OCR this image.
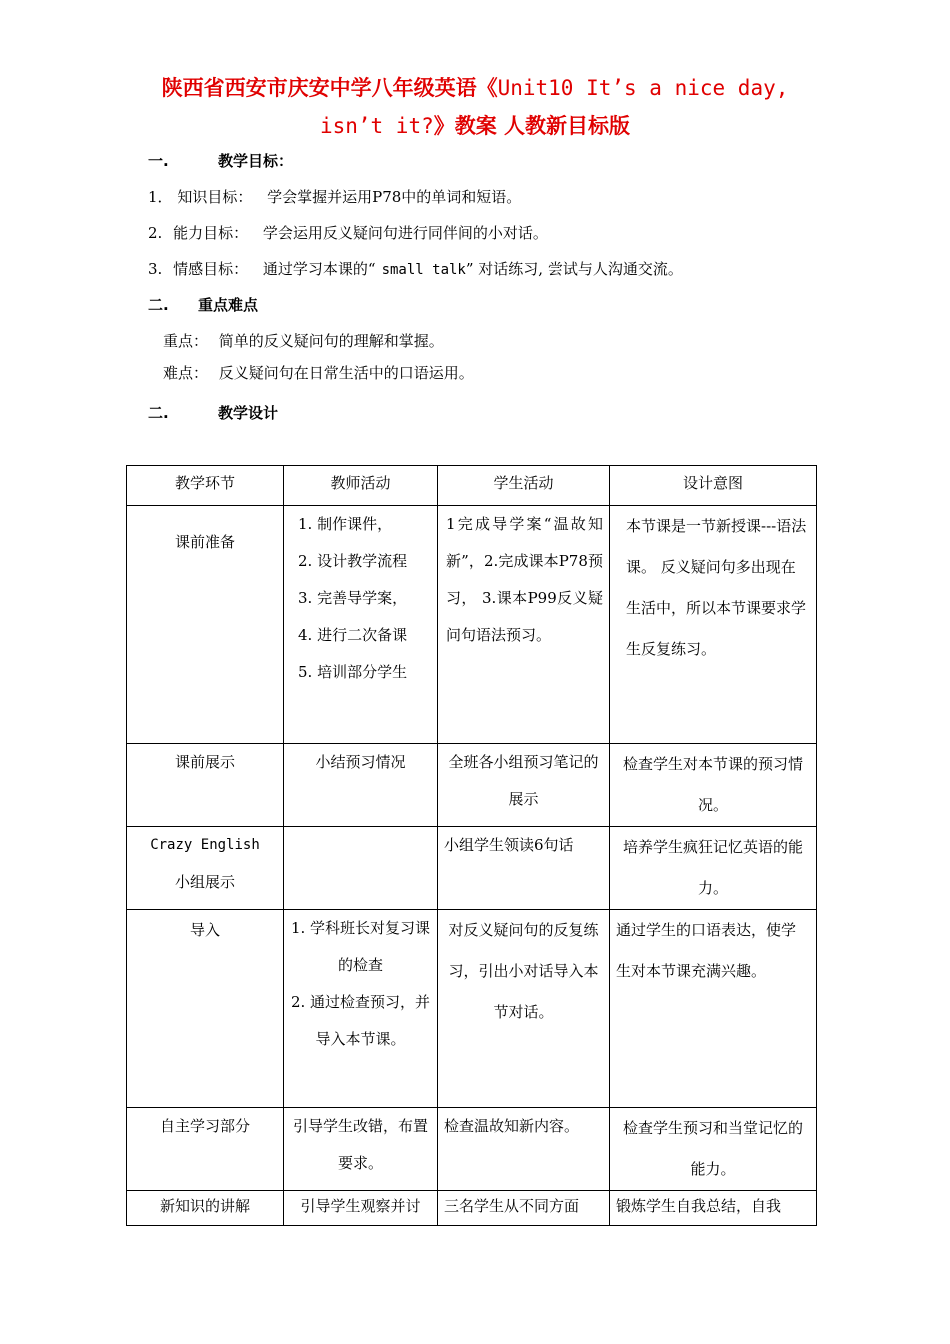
陕西省西安市庆安中学八年级英语《Unit10 It’s a nice day,
isn’t it?》教案 人教新目标版
一.	教学目标：
1． 知识目标： 学会掌握并运用P78中的单词和短语。
2. 能力目标： 学会运用反义疑问句进行同伴间的小对话。
3. 情感目标： 通过学习本课的“ small talk” 对话练习, 尝试与人沟通交流。
二. 重点难点
重点： 简单的反义疑问句的理解和掌握。
难点： 反义疑问句在日常生活中的口语运用。
二.	教学设计
教学环节	教师活动	学生活动	设计意图
课前准备	1. 制作课件，
2. 设计教学流程
3. 完善导学案，
4. 进行二次备课
5. 培训部分学生	1完成导学案“温故知新”，2.完成课本P78预习， 3.课本P99反义疑问句语法预习。	本节课是一节新授课---语法课。 反义疑问句多出现在生活中，所以本节课要求学生反复练习。
课前展示	小结预习情况	全班各小组预习笔记的展示	检查学生对本节课的预习情况。

Crazy English
小组展示		小组学生领读6句话	培养学生疯狂记忆英语的能力。
导入	1. 学科班长对复习课的检查
2. 通过检查预习，并导入本节课。	对反义疑问句的反复练习，引出小对话导入本节对话。	通过学生的口语表达，使学生对本节课充满兴趣。
自主学习部分	引导学生改错，布置要求。	检查温故知新内容。	检查学生预习和当堂记忆的能力。
新知识的讲解	引导学生观察并讨	三名学生从不同方面	锻炼学生自我总结，自我
